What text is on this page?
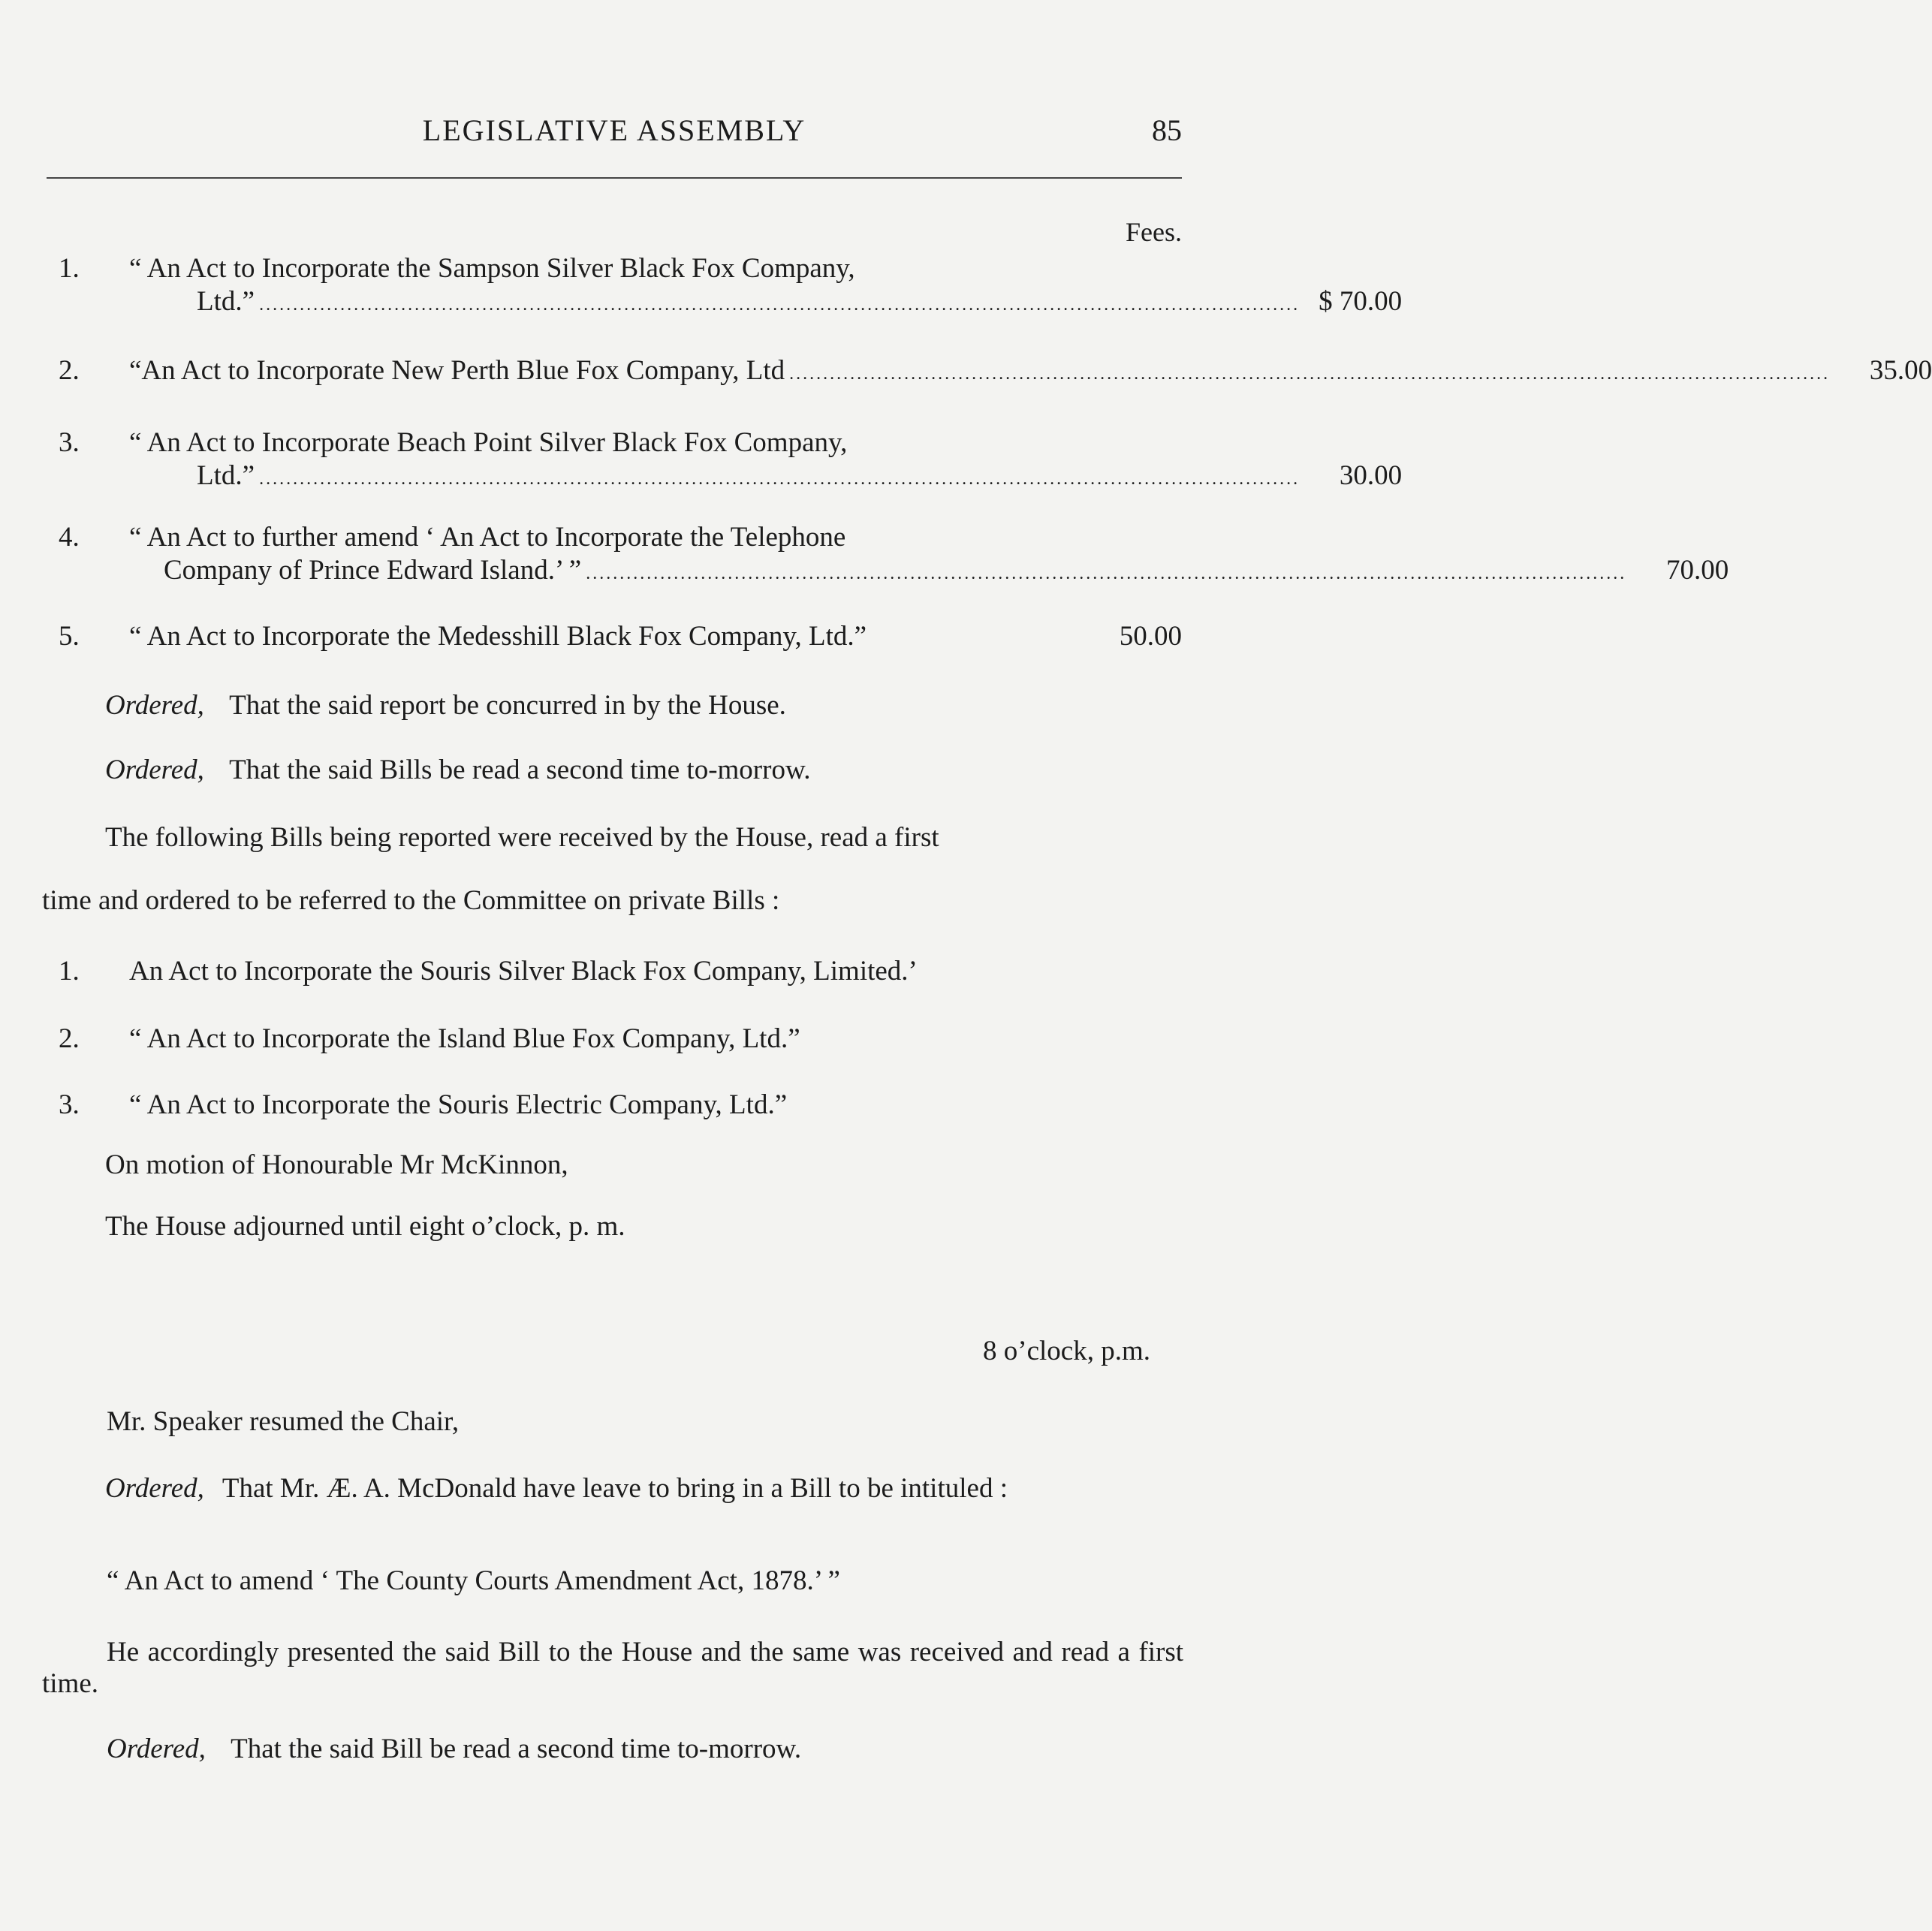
LEGISLATIVE ASSEMBLY	85
Fees.
1.	“ An Act to Incorporate the Sampson Silver Black Fox Company,
Ltd.” .......................................................................................................................................................... $ 70.00
2.	“An Act to Incorporate New Perth Blue Fox Company, Ltd ..........................................................................................................................................................	35.00
3.	“ An Act to Incorporate Beach Point Silver Black Fox Company,
Ltd.” ..........................................................................................................................................................	30.00
4.	“ An Act to further amend ‘ An Act to Incorporate the Telephone
Company of Prince Edward Island.’ ” ..........................................................................................................................................................	70.00
5.	“ An Act to Incorporate the Medesshill Black Fox Company, Ltd.”	50.00
Ordered, That the said report be concurred in by the House.
Ordered, That the said Bills be read a second time to-morrow.
The following Bills being reported were received by the House, read a first
time and ordered to be referred to the Committee on private Bills :
1. An Act to Incorporate the Souris Silver Black Fox Company, Limited.’
2. “ An Act to Incorporate the Island Blue Fox Company, Ltd.”
3. “ An Act to Incorporate the Souris Electric Company, Ltd.”
On motion of Honourable Mr McKinnon,
The House adjourned until eight o’clock, p. m.
8 o’clock, p.m.
Mr. Speaker resumed the Chair,
Ordered, That Mr. Æ. A. McDonald have leave to bring in a Bill to be intituled :
“ An Act to amend ‘ The County Courts Amendment Act, 1878.’ ”
He accordingly presented the said Bill to the House and the same was received and read a first time.
Ordered, That the said Bill be read a second time to-morrow.
